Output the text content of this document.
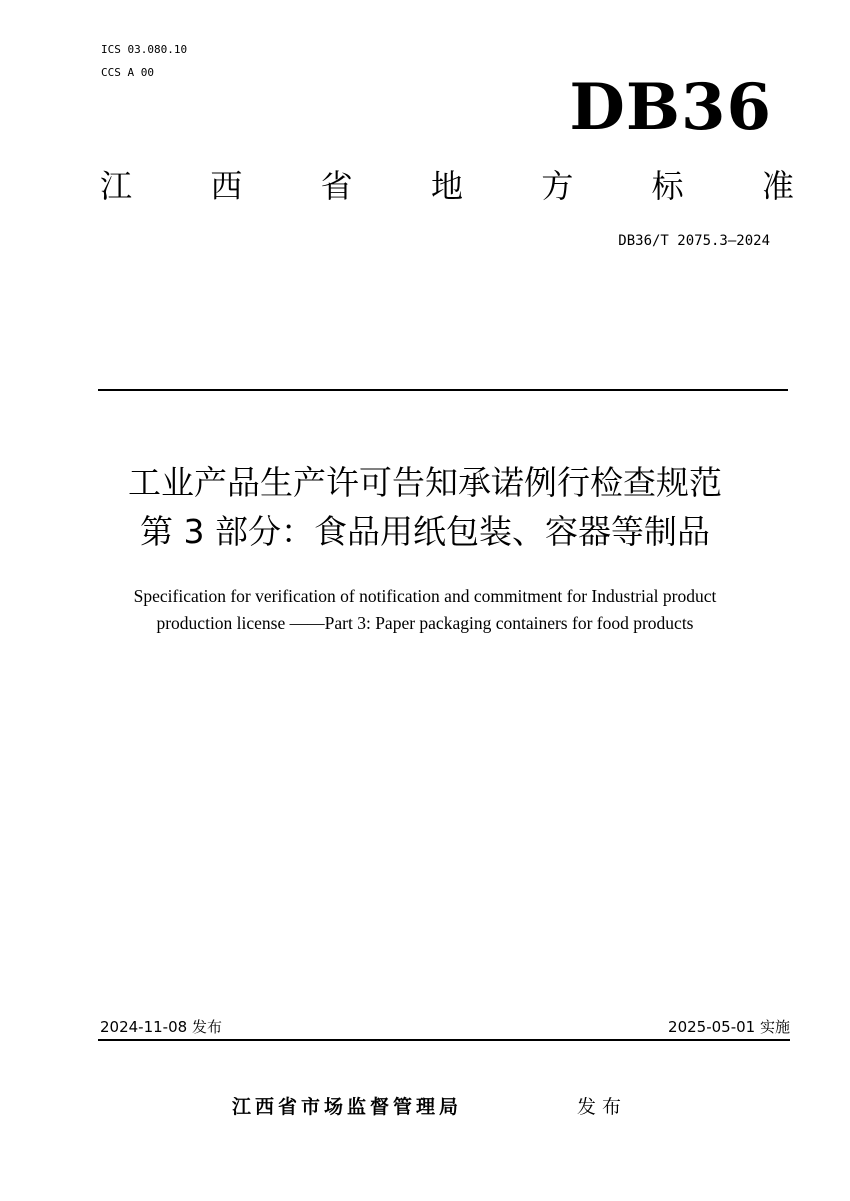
ICS 03.080.10
CCS A 00	DB36
江 西 省 地 方 标 准
DB36/T 2075.3—2024
工业产品生产许可告知承诺例行检查规范
第 3 部分：食品用纸包装、容器等制品
Specification for verification of notification and commitment for Industrial product
production license ——Part 3: Paper packaging containers for food products
2024-11-08 发布	2025-05-01 实施
江西省市场监督管理局	发布
